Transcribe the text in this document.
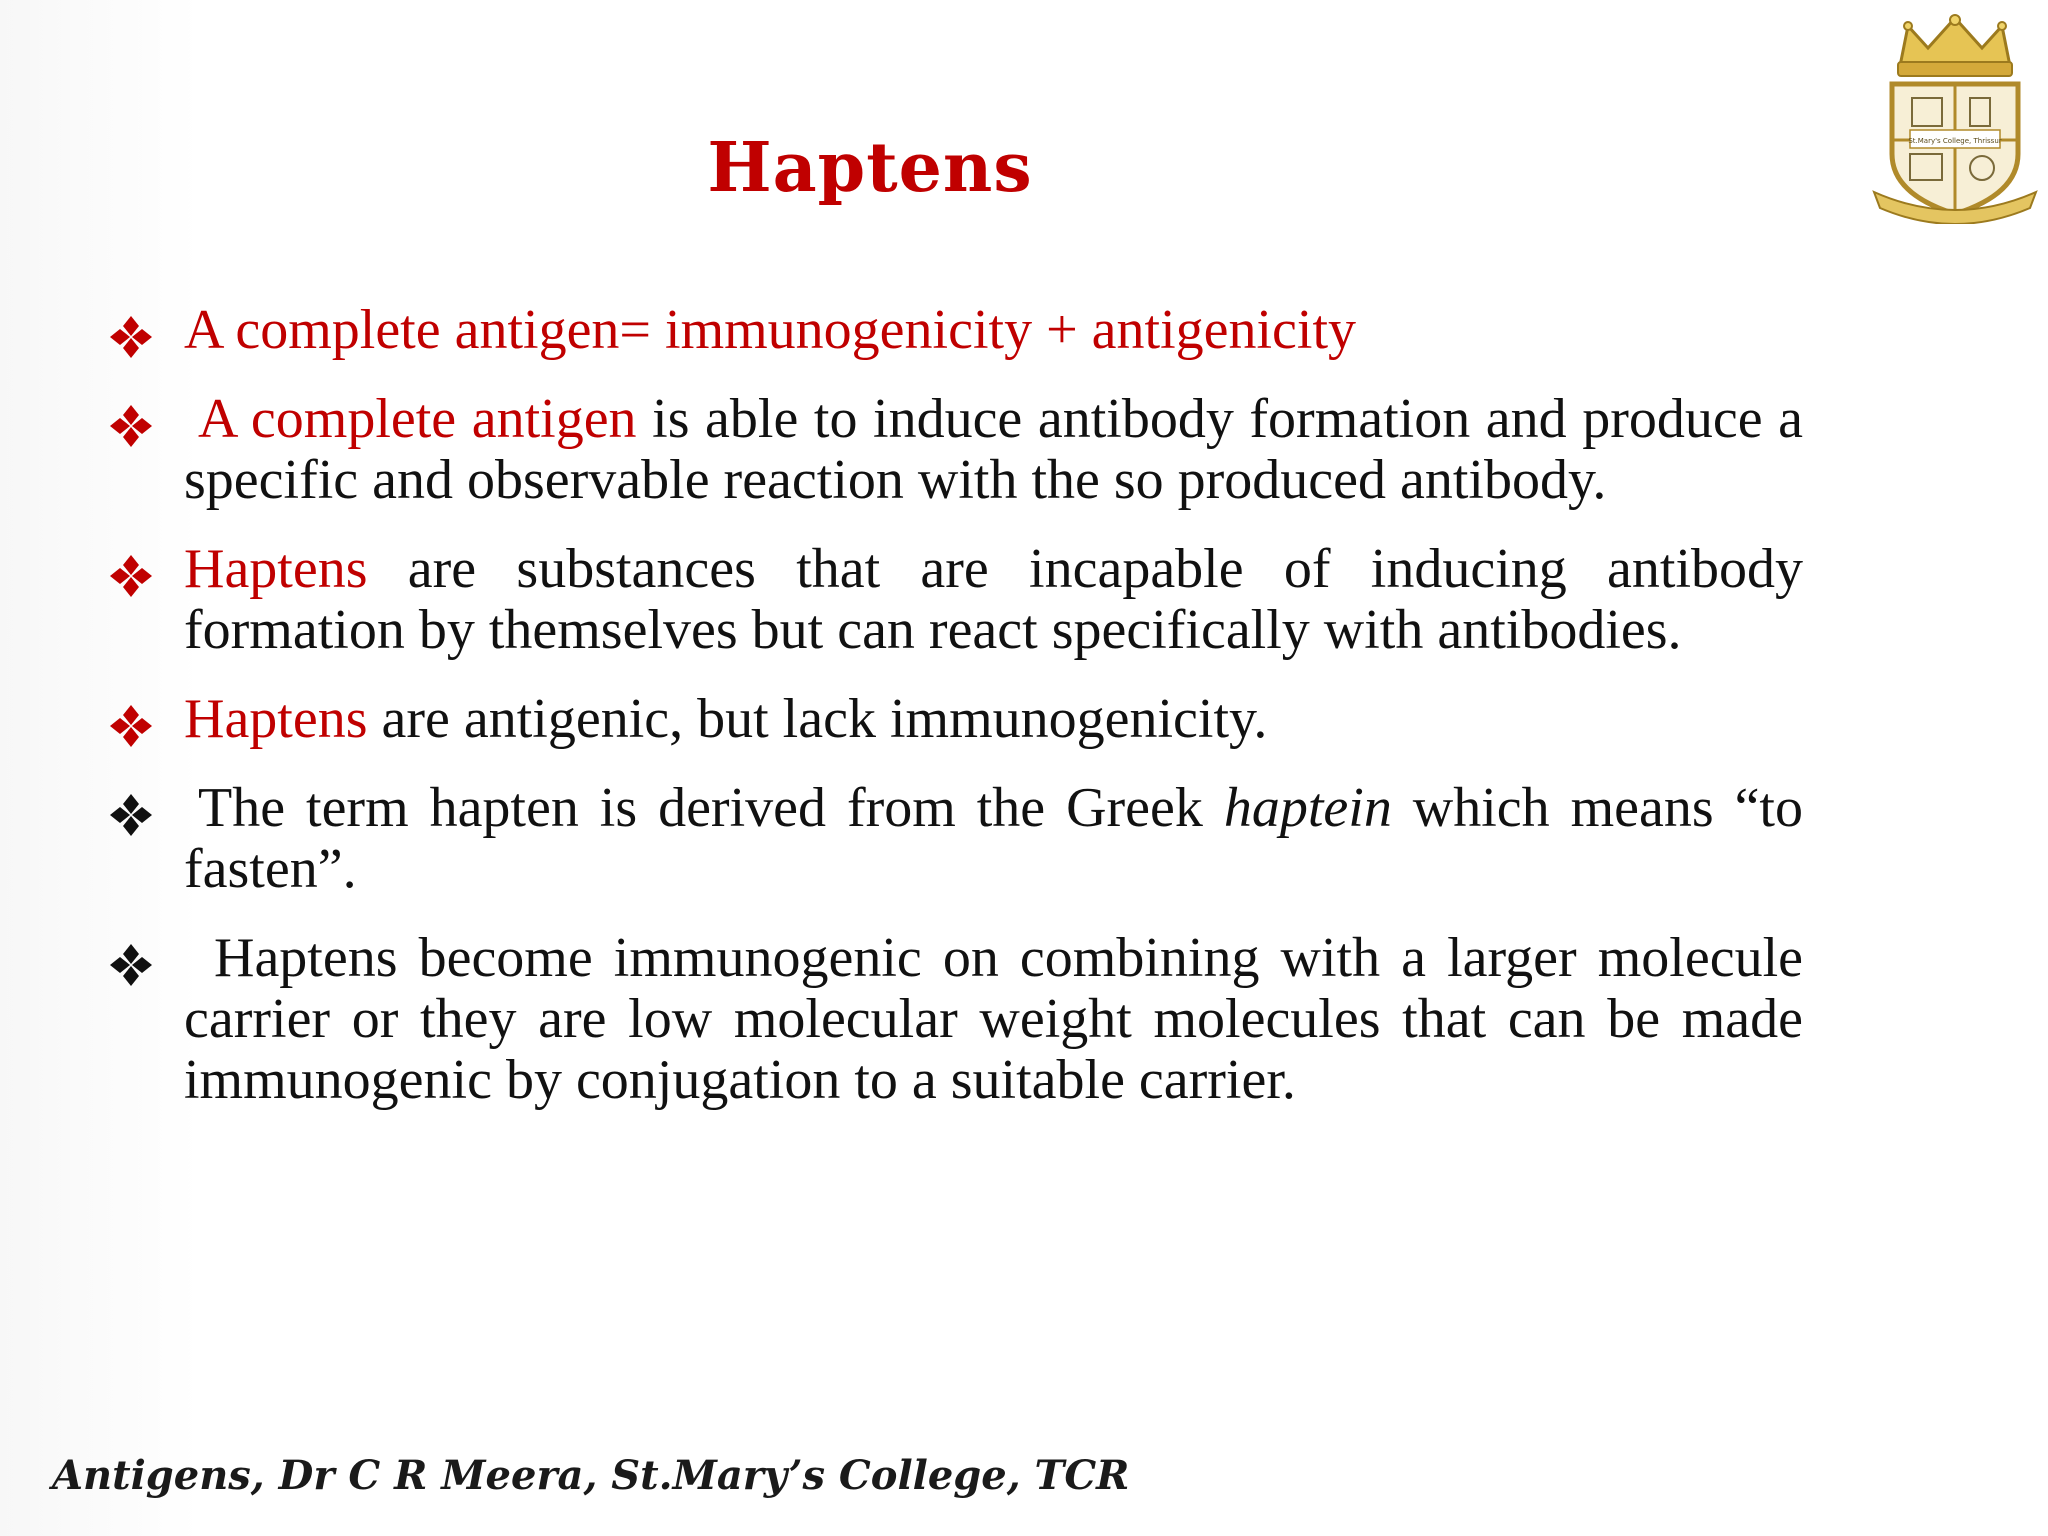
Haptens	St.Mary's College, Thrissur
A complete antigen= immunogenicity + antigenicity
A complete antigen is able to induce antibody formation and produce a specific and observable reaction with the so produced antibody.
Haptens are substances that are incapable of inducing antibody formation by themselves but can react specifically with antibodies.
Haptens are antigenic, but lack immunogenicity.
The term hapten is derived from the Greek haptein which means “to fasten”.
Haptens become immunogenic on combining with a larger molecule carrier or they are low molecular weight molecules that can be made immunogenic by conjugation to a suitable carrier.
Antigens, Dr C R Meera, St.Mary’s College, TCR
